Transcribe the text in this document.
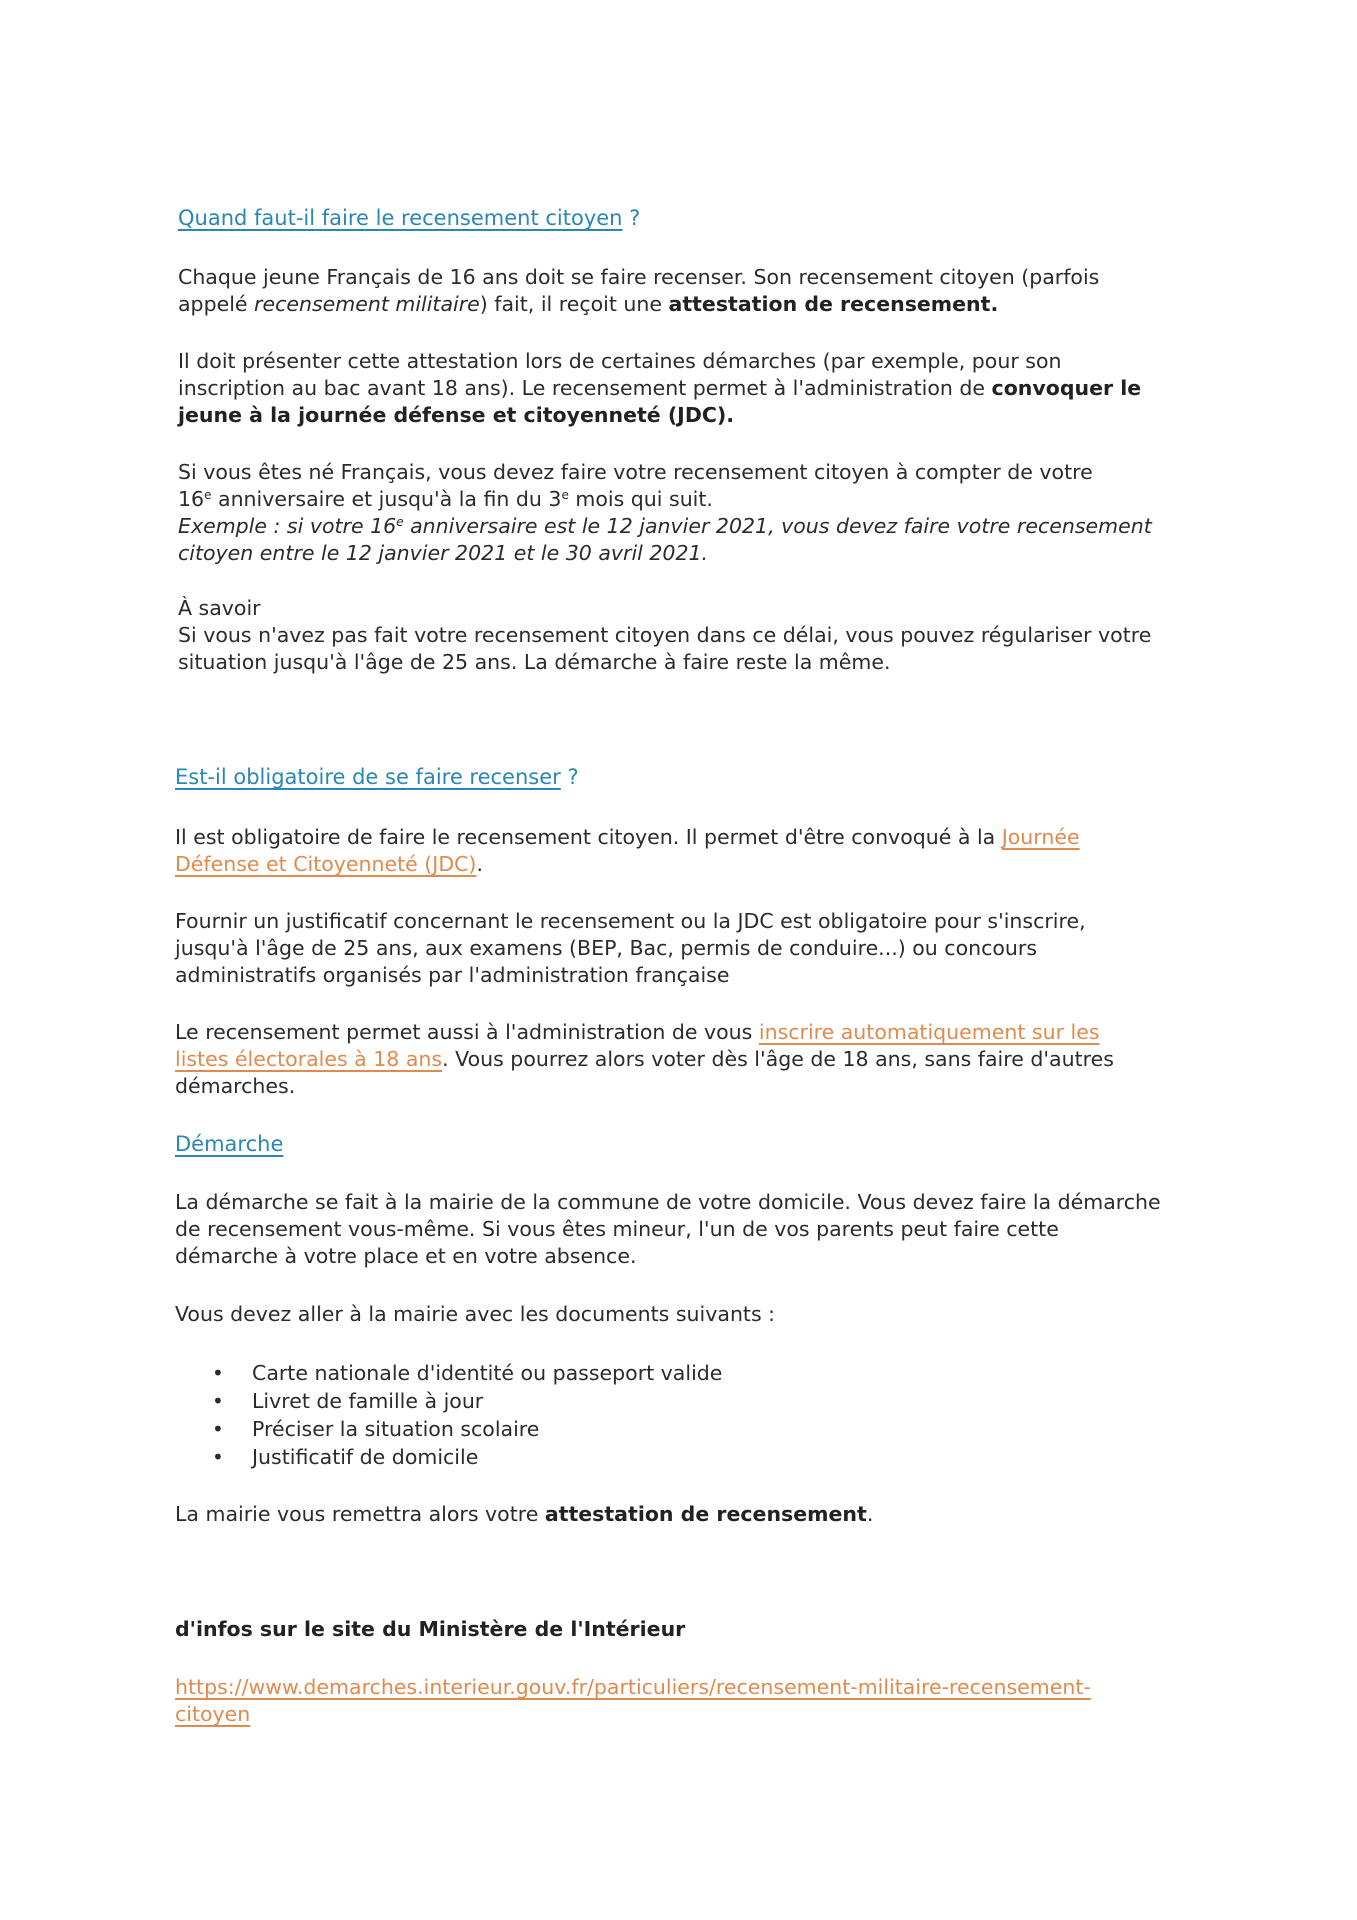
Quand faut-il faire le recensement citoyen ?

Chaque jeune Français de 16 ans doit se faire recenser. Son recensement citoyen (parfois
appelé recensement militaire) fait, il reçoit une attestation de recensement.

Il doit présenter cette attestation lors de certaines démarches (par exemple, pour son
inscription au bac avant 18 ans). Le recensement permet à l'administration de convoquer le
jeune à la journée défense et citoyenneté (JDC).

Si vous êtes né Français, vous devez faire votre recensement citoyen à compter de votre
16e anniversaire et jusqu'à la fin du 3e mois qui suit.
Exemple : si votre 16e anniversaire est le 12 janvier 2021, vous devez faire votre recensement
citoyen entre le 12 janvier 2021 et le 30 avril 2021.

À savoir
Si vous n'avez pas fait votre recensement citoyen dans ce délai, vous pouvez régulariser votre
situation jusqu'à l'âge de 25 ans. La démarche à faire reste la même.

Est-il obligatoire de se faire recenser ?

Il est obligatoire de faire le recensement citoyen. Il permet d'être convoqué à la Journée
Défense et Citoyenneté (JDC).

Fournir un justificatif concernant le recensement ou la JDC est obligatoire pour s'inscrire,
jusqu'à l'âge de 25 ans, aux examens (BEP, Bac, permis de conduire...) ou concours
administratifs organisés par l'administration française

Le recensement permet aussi à l'administration de vous inscrire automatiquement sur les
listes électorales à 18 ans. Vous pourrez alors voter dès l'âge de 18 ans, sans faire d'autres
démarches.

Démarche

La démarche se fait à la mairie de la commune de votre domicile. Vous devez faire la démarche
de recensement vous-même. Si vous êtes mineur, l'un de vos parents peut faire cette
démarche à votre place et en votre absence.

Vous devez aller à la mairie avec les documents suivants :

• Carte nationale d'identité ou passeport valide
• Livret de famille à jour
• Préciser la situation scolaire
• Justificatif de domicile

La mairie vous remettra alors votre attestation de recensement.

d'infos sur le site du Ministère de l'Intérieur

https://www.demarches.interieur.gouv.fr/particuliers/recensement-militaire-recensement-
citoyen
